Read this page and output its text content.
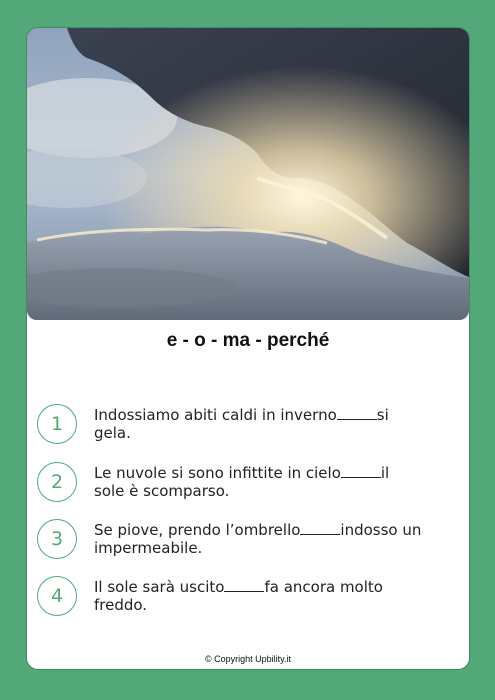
e - o - ma - perché
1	Indossiamo abiti caldi in inverno	si gela.
2	Le nuvole si sono infittite in cielo	il sole è scomparso.
3	Se piove, prendo l’ombrello	indosso un impermeabile.
4	Il sole sarà uscito	fa ancora molto freddo.
© Copyright Upbility.it
